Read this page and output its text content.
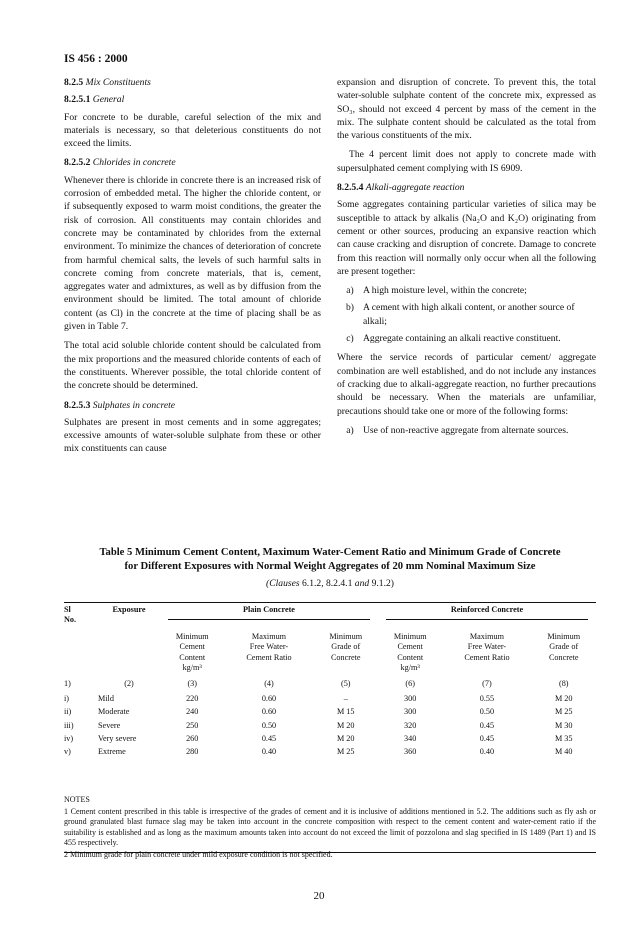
IS 456 : 2000
8.2.5 Mix Constituents
8.2.5.1 General

For concrete to be durable, careful selection of the mix and materials is necessary, so that deleterious constituents do not exceed the limits.

8.2.5.2 Chlorides in concrete

Whenever there is chloride in concrete there is an increased risk of corrosion of embedded metal. The higher the chloride content, or if subsequently exposed to warm moist conditions, the greater the risk of corrosion. All constituents may contain chlorides and concrete may be contaminated by chlorides from the external environment. To minimize the chances of deterioration of concrete from harmful chemical salts, the levels of such harmful salts in concrete coming from concrete materials, that is, cement, aggregates water and admixtures, as well as by diffusion from the environment should be limited. The total amount of chloride content (as Cl) in the concrete at the time of placing shall be as given in Table 7.

The total acid soluble chloride content should be calculated from the mix proportions and the measured chloride contents of each of the constituents. Wherever possible, the total chloride content of the concrete should be determined.

8.2.5.3 Sulphates in concrete

Sulphates are present in most cements and in some aggregates; excessive amounts of water-soluble sulphate from these or other mix constituents can cause

expansion and disruption of concrete. To prevent this, the total water-soluble sulphate content of the concrete mix, expressed as SO₃, should not exceed 4 percent by mass of the cement in the mix. The sulphate content should be calculated as the total from the various constituents of the mix.

The 4 percent limit does not apply to concrete made with supersulphated cement complying with IS 6909.

8.2.5.4 Alkali-aggregate reaction

Some aggregates containing particular varieties of silica may be susceptible to attack by alkalis (Na₂O and K₂O) originating from cement or other sources, producing an expansive reaction which can cause cracking and disruption of concrete. Damage to concrete from this reaction will normally only occur when all the following are present together:

a) A high moisture level, within the concrete;
b) A cement with high alkali content, or another source of alkali;
c) Aggregate containing an alkali reactive constituent.

Where the service records of particular cement/ aggregate combination are well established, and do not include any instances of cracking due to alkali-aggregate reaction, no further precautions should be necessary. When the materials are unfamiliar, precautions should take one or more of the following forms:

a) Use of non-reactive aggregate from alternate sources.
Table 5 Minimum Cement Content, Maximum Water-Cement Ratio and Minimum Grade of Concrete
for Different Exposures with Normal Weight Aggregates of 20 mm Nominal Maximum Size
(Clauses 6.1.2, 8.2.4.1 and 9.1.2)
Sl
No.	Exposure	Plain Concrete			Reinforced Concrete		

		Minimum
Cement
Content
kg/m³	Maximum
Free Water-
Cement Ratio	Minimum
Grade of
Concrete	Minimum
Cement
Content
kg/m³	Maximum
Free Water-
Cement Ratio	Minimum
Grade of
Concrete
1)	(2)	(3)	(4)	(5)	(6)	(7)	(8)
i)	Mild	220	0.60	–	300	0.55	M 20
ii)	Moderate	240	0.60	M 15	300	0.50	M 25
iii)	Severe	250	0.50	M 20	320	0.45	M 30
iv)	Very severe	260	0.45	M 20	340	0.45	M 35
v)	Extreme	280	0.40	M 25	360	0.40	M 40
NOTES

1 Cement content prescribed in this table is irrespective of the grades of cement and it is inclusive of additions mentioned in 5.2. The additions such as fly ash or ground granulated blast furnace slag may be taken into account in the concrete composition with respect to the cement content and water-cement ratio if the suitability is established and as long as the maximum amounts taken into account do not exceed the limit of pozzolona and slag specified in IS 1489 (Part 1) and IS 455 respectively.

2 Minimum grade for plain concrete under mild exposure condition is not specified.

20
